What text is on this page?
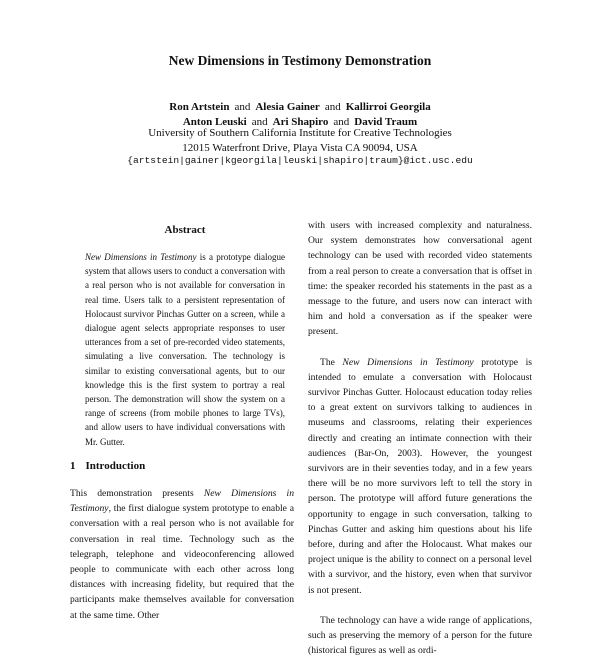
New Dimensions in Testimony Demonstration
Ron Artstein and Alesia Gainer and Kallirroi Georgila
Anton Leuski and Ari Shapiro and David Traum
University of Southern California Institute for Creative Technologies
12015 Waterfront Drive, Playa Vista CA 90094, USA
{artstein|gainer|kgeorgila|leuski|shapiro|traum}@ict.usc.edu
Abstract

New Dimensions in Testimony is a prototype dialogue system that allows users to conduct a conversation with a real person who is not available for conversation in real time. Users talk to a persistent representation of Holocaust survivor Pinchas Gutter on a screen, while a dialogue agent selects appropriate responses to user utterances from a set of pre-recorded video statements, simulating a live conversation. The technology is similar to existing conversational agents, but to our knowledge this is the first system to portray a real person. The demonstration will show the system on a range of screens (from mobile phones to large TVs), and allow users to have individual conversations with Mr. Gutter.

1 Introduction

This demonstration presents New Dimensions in Testimony, the first dialogue system prototype to enable a conversation with a real person who is not available for conversation in real time. Technology such as the telegraph, telephone and videoconferencing allowed people to communicate with each other across long distances with increasing fidelity, but required that the participants make themselves available for conversation at the same time. Other

with users with increased complexity and naturalness. Our system demonstrates how conversational agent technology can be used with recorded video statements from a real person to create a conversation that is offset in time: the speaker recorded his statements in the past as a message to the future, and users now can interact with him and hold a conversation as if the speaker were present.

The New Dimensions in Testimony prototype is intended to emulate a conversation with Holocaust survivor Pinchas Gutter. Holocaust education today relies to a great extent on survivors talking to audiences in museums and classrooms, relating their experiences directly and creating an intimate connection with their audiences (Bar-On, 2003). However, the youngest survivors are in their seventies today, and in a few years there will be no more survivors left to tell the story in person. The prototype will afford future generations the opportunity to engage in such conversation, talking to Pinchas Gutter and asking him questions about his life before, during and after the Holocaust. What makes our project unique is the ability to connect on a personal level with a survivor, and the history, even when that survivor is not present.

The technology can have a wide range of applications, such as preserving the memory of a person for the future (historical figures as well as ordi-
